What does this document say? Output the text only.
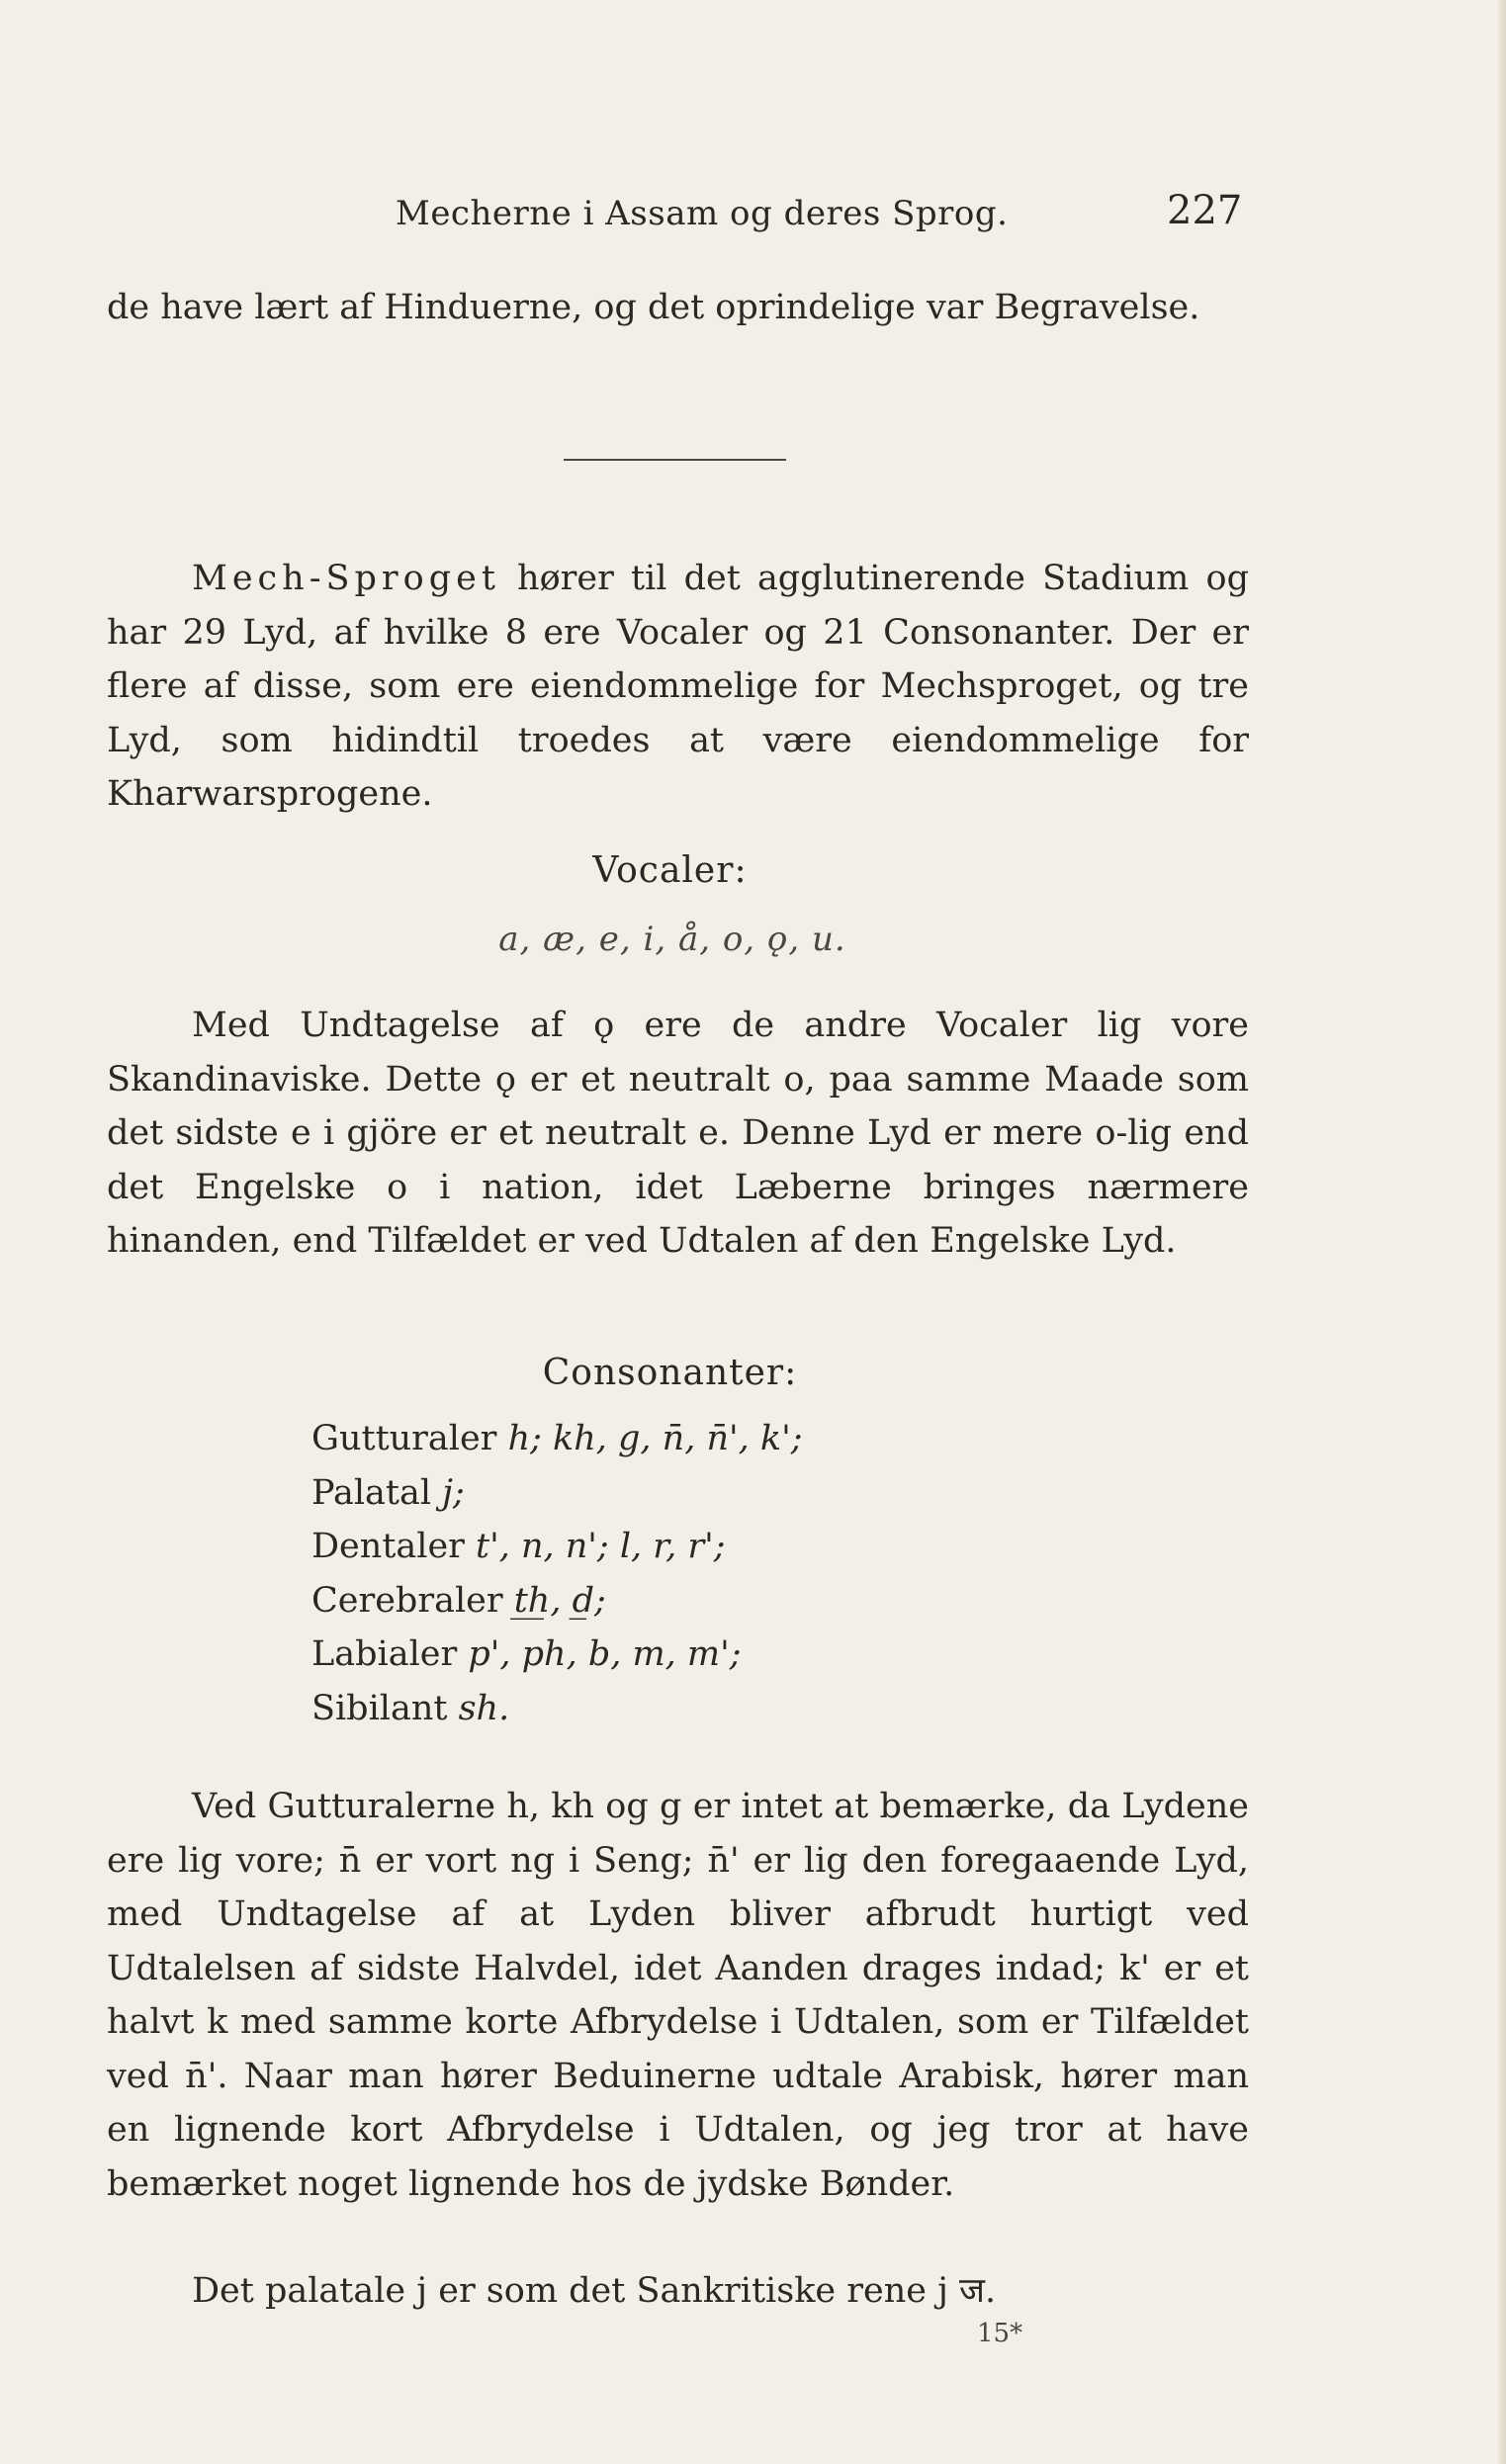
Mecherne i Assam og deres Sprog.	227

de have lært af Hinduerne, og det oprindelige var Begravelse.

Mech-Sproget hører til det agglutinerende Stadium og har 29 Lyd, af hvilke 8 ere Vocaler og 21 Consonanter. Der er flere af disse, som ere eiendommelige for Mechsproget, og tre Lyd, som hidindtil troedes at være eiendommelige for Kharwarsprogene.

Vocaler:
a, æ, e, i, å, o, ǫ, u.

Med Undtagelse af ǫ ere de andre Vocaler lig vore Skandinaviske. Dette ǫ er et neutralt o, paa samme Maade som det sidste e i gjöre er et neutralt e. Denne Lyd er mere o-lig end det Engelske o i nation, idet Læberne bringes nærmere hinanden, end Tilfældet er ved Udtalen af den Engelske Lyd.

Consonanter:
Gutturaler h; kh, g, n̄, n̄', k';
Palatal j;
Dentaler t', n, n'; l, r, r';
Cerebraler t̲h̲, d̲;
Labialer p', ph, b, m, m';
Sibilant sh.

Ved Gutturalerne h, kh og g er intet at bemærke, da Lydene ere lig vore; n̄ er vort ng i Seng; n̄' er lig den foregaaende Lyd, med Undtagelse af at Lyden bliver afbrudt hurtigt ved Udtalelsen af sidste Halvdel, idet Aanden drages indad; k' er et halvt k med samme korte Afbrydelse i Udtalen, som er Tilfældet ved n̄'. Naar man hører Beduinerne udtale Arabisk, hører man en lignende kort Afbrydelse i Udtalen, og jeg tror at have bemærket noget lignende hos de jydske Bønder.

Det palatale j er som det Sankritiske rene j ज.

15*
